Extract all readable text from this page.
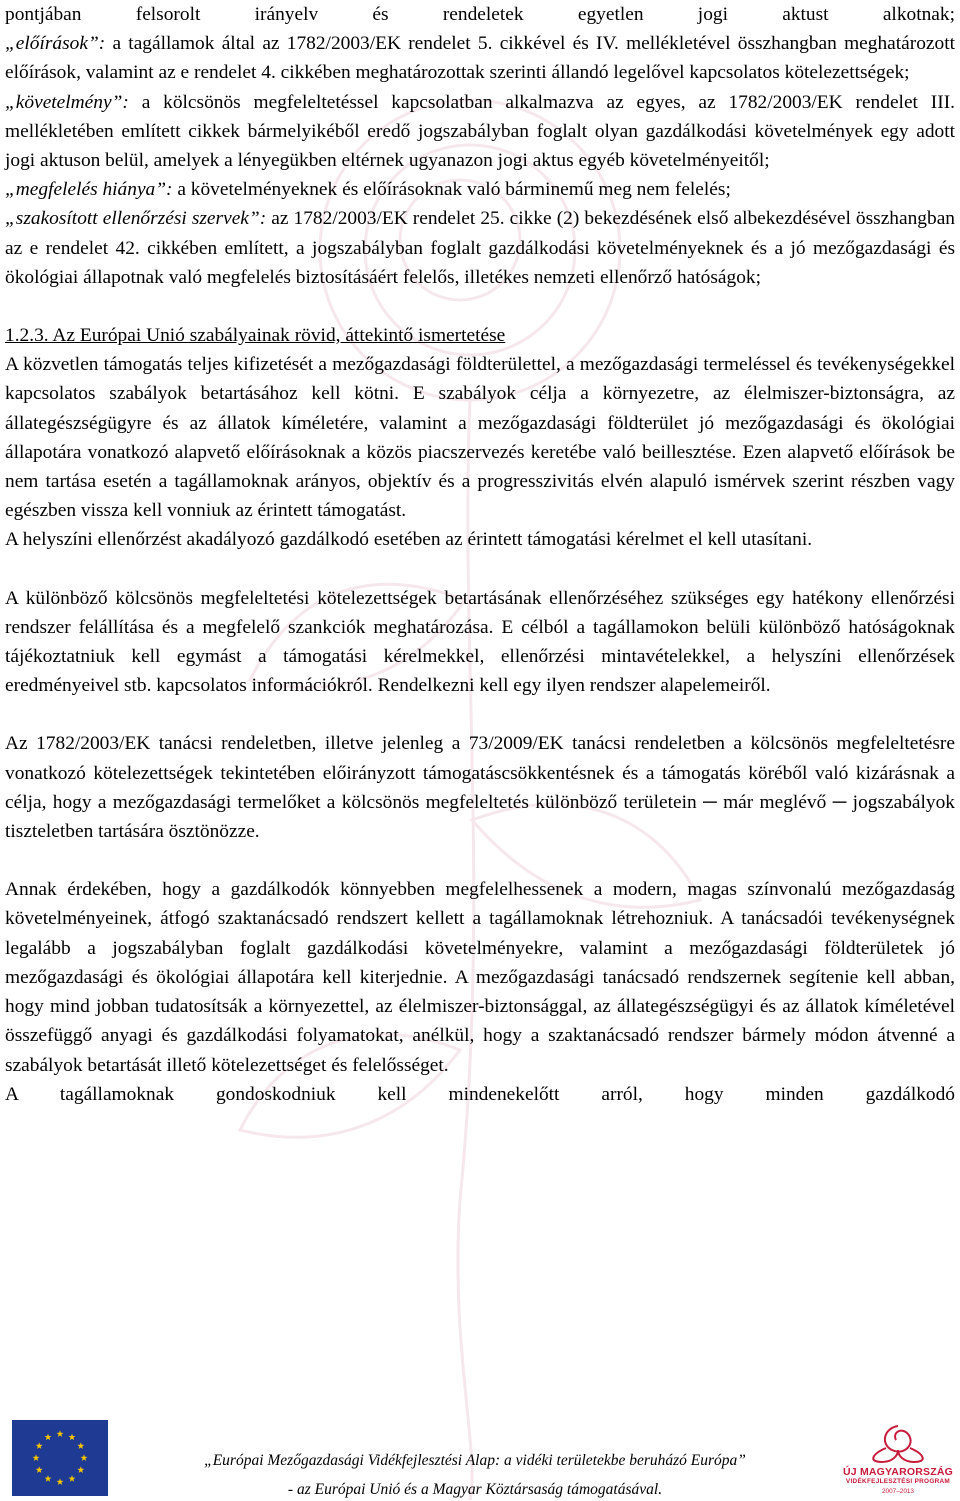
pontjában felsorolt irányelv és rendeletek egyetlen jogi aktust alkotnak;

„előírások”: a tagállamok által az 1782/2003/EK rendelet 5. cikkével és IV. mellékletével összhangban meghatározott előírások, valamint az e rendelet 4. cikkében meghatározottak szerinti állandó legelővel kapcsolatos kötelezettségek;

„követelmény”: a kölcsönös megfeleltetéssel kapcsolatban alkalmazva az egyes, az 1782/2003/EK rendelet III. mellékletében említett cikkek bármelyikéből eredő jogszabályban foglalt olyan gazdálkodási követelmények egy adott jogi aktuson belül, amelyek a lényegükben eltérnek ugyanazon jogi aktus egyéb követelményeitől;

„megfelelés hiánya”: a követelményeknek és előírásoknak való bárminemű meg nem felelés;

„szakosított ellenőrzési szervek”: az 1782/2003/EK rendelet 25. cikke (2) bekezdésének első albekezdésével összhangban az e rendelet 42. cikkében említett, a jogszabályban foglalt gazdálkodási követelményeknek és a jó mezőgazdasági és ökológiai állapotnak való megfelelés biztosításáért felelős, illetékes nemzeti ellenőrző hatóságok;

1.2.3. Az Európai Unió szabályainak rövid, áttekintő ismertetése

A közvetlen támogatás teljes kifizetését a mezőgazdasági földterülettel, a mezőgazdasági termeléssel és tevékenységekkel kapcsolatos szabályok betartásához kell kötni. E szabályok célja a környezetre, az élelmiszer-biztonságra, az állategészségügyre és az állatok kíméletére, valamint a mezőgazdasági földterület jó mezőgazdasági és ökológiai állapotára vonatkozó alapvető előírásoknak a közös piacszervezés keretébe való beillesztése. Ezen alapvető előírások be nem tartása esetén a tagállamoknak arányos, objektív és a progresszivitás elvén alapuló ismérvek szerint részben vagy egészben vissza kell vonniuk az érintett támogatást.

A helyszíni ellenőrzést akadályozó gazdálkodó esetében az érintett támogatási kérelmet el kell utasítani.

A különböző kölcsönös megfeleltetési kötelezettségek betartásának ellenőrzéséhez szükséges egy hatékony ellenőrzési rendszer felállítása és a megfelelő szankciók meghatározása. E célból a tagállamokon belüli különböző hatóságoknak tájékoztatniuk kell egymást a támogatási kérelmekkel, ellenőrzési mintavételekkel, a helyszíni ellenőrzések eredményeivel stb. kapcsolatos információkról. Rendelkezni kell egy ilyen rendszer alapelemeiről.

Az 1782/2003/EK tanácsi rendeletben, illetve jelenleg a 73/2009/EK tanácsi rendeletben a kölcsönös megfeleltetésre vonatkozó kötelezettségek tekintetében előirányzott támogatáscsökkentésnek és a támogatás köréből való kizárásnak a célja, hogy a mezőgazdasági termelőket a kölcsönös megfeleltetés különböző területein ─ már meglévő ─ jogszabályok tiszteletben tartására ösztönözze.

Annak érdekében, hogy a gazdálkodók könnyebben megfelelhessenek a modern, magas színvonalú mezőgazdaság követelményeinek, átfogó szaktanácsadó rendszert kellett a tagállamoknak létrehozniuk. A tanácsadói tevékenységnek legalább a jogszabályban foglalt gazdálkodási követelményekre, valamint a mezőgazdasági földterületek jó mezőgazdasági és ökológiai állapotára kell kiterjednie. A mezőgazdasági tanácsadó rendszernek segítenie kell abban, hogy mind jobban tudatosítsák a környezettel, az élelmiszer-biztonsággal, az állategészségügyi és az állatok kíméletével összefüggő anyagi és gazdálkodási folyamatokat, anélkül, hogy a szaktanácsadó rendszer bármely módon átvenné a szabályok betartását illető kötelezettséget és felelősséget.

A tagállamoknak gondoskodniuk kell mindenekelőtt arról, hogy minden gazdálkodó

„Európai Mezőgazdasági Vidékfejlesztési Alap: a vidéki területekbe beruházó Európa”
- az Európai Unió és a Magyar Köztársaság támogatásával.
ÚJ MAGYARORSZÁG
VIDÉKFEJLESZTÉSI PROGRAM
2007–2013
